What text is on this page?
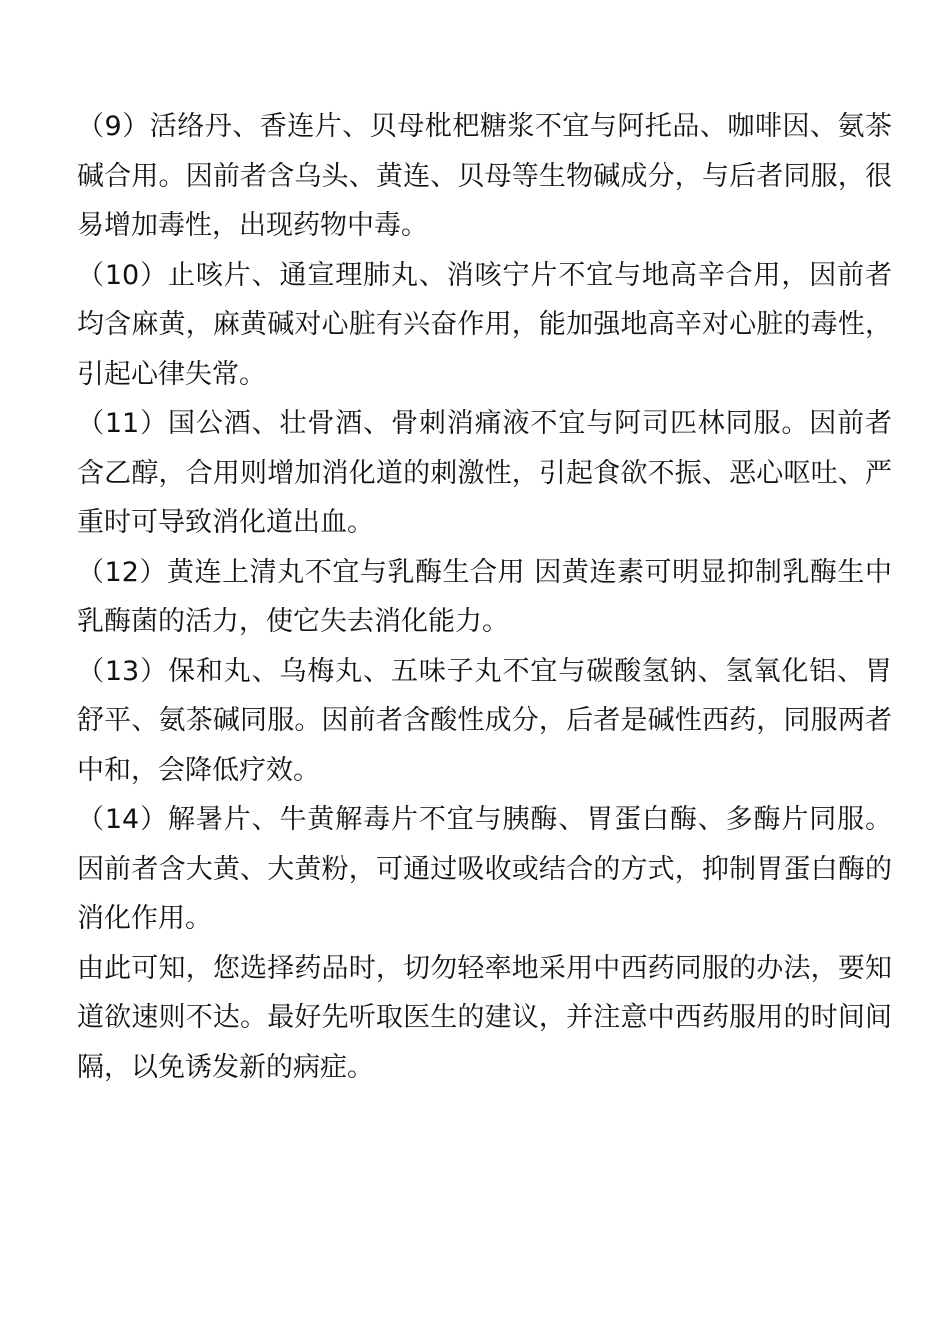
（9）活络丹、香连片、贝母枇杷糖浆不宜与阿托品、咖啡因、氨茶碱合用。因前者含乌头、黄连、贝母等生物碱成分，与后者同服，很易增加毒性，出现药物中毒。

（10）止咳片、通宣理肺丸、消咳宁片不宜与地高辛合用，因前者均含麻黄，麻黄碱对心脏有兴奋作用，能加强地高辛对心脏的毒性，引起心律失常。

（11）国公酒、壮骨酒、骨刺消痛液不宜与阿司匹林同服。因前者含乙醇，合用则增加消化道的刺激性，引起食欲不振、恶心呕吐、严重时可导致消化道出血。

（12）黄连上清丸不宜与乳酶生合用 因黄连素可明显抑制乳酶生中乳酶菌的活力，使它失去消化能力。

（13）保和丸、乌梅丸、五味子丸不宜与碳酸氢钠、氢氧化铝、胃舒平、氨茶碱同服。因前者含酸性成分，后者是碱性西药，同服两者中和，会降低疗效。

（14）解暑片、牛黄解毒片不宜与胰酶、胃蛋白酶、多酶片同服。因前者含大黄、大黄粉，可通过吸收或结合的方式，抑制胃蛋白酶的消化作用。

由此可知，您选择药品时，切勿轻率地采用中西药同服的办法，要知道欲速则不达。最好先听取医生的建议，并注意中西药服用的时间间隔，以免诱发新的病症。
